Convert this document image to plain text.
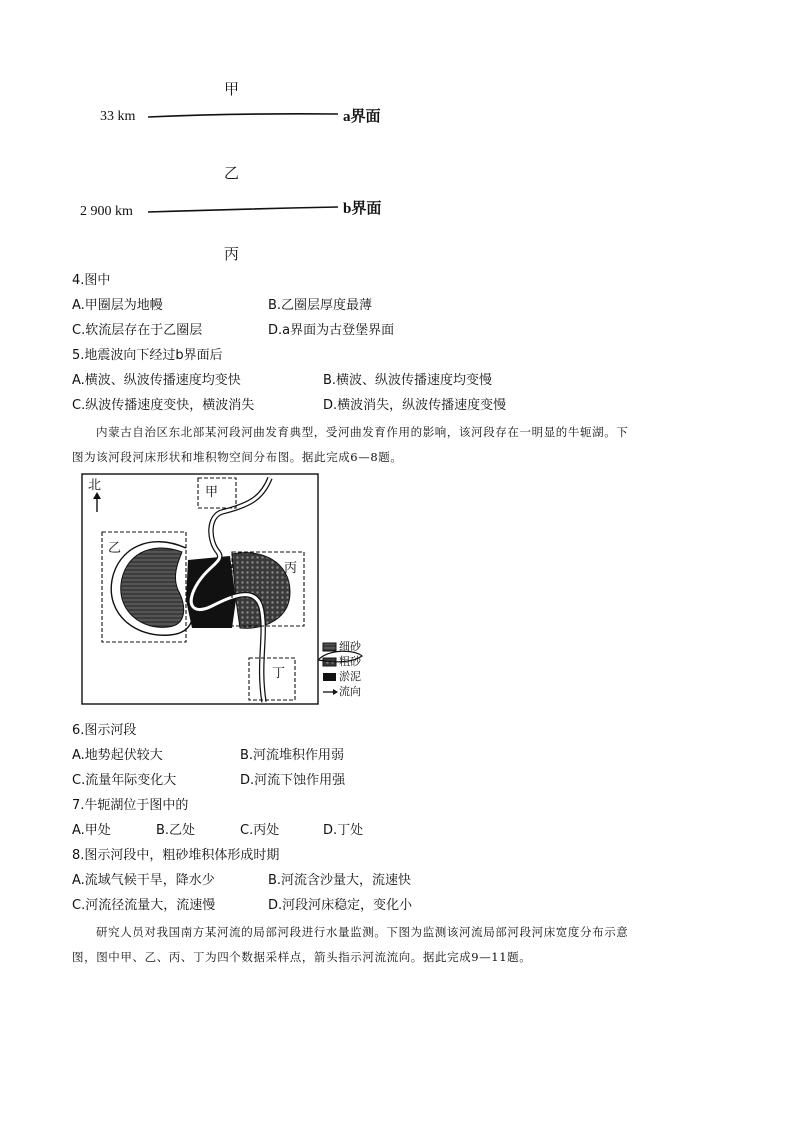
甲
33 km	a界面
乙
2 900 km	b界面
丙
4.图中
A.甲圈层为地幔	B.乙圈层厚度最薄
C.软流层存在于乙圈层	D.a界面为古登堡界面
5.地震波向下经过b界面后
A.横波、纵波传播速度均变快	B.横波、纵波传播速度均变慢
C.纵波传播速度变快，横波消失	D.横波消失，纵波传播速度变慢
内蒙古自治区东北部某河段河曲发育典型，受河曲发育作用的影响，该河段存在一明显的牛轭湖。下
图为该河段河床形状和堆积物空间分布图。据此完成6—8题。
北	甲
乙
丙
丁
细砂
粗砂
淤泥
流向
6.图示河段
A.地势起伏较大	B.河流堆积作用弱
C.流量年际变化大	D.河流下蚀作用强
7.牛轭湖位于图中的
A.甲处	B.乙处	C.丙处	D.丁处
8.图示河段中，粗砂堆积体形成时期
A.流域气候干旱，降水少	B.河流含沙量大，流速快
C.河流径流量大，流速慢	D.河段河床稳定，变化小
研究人员对我国南方某河流的局部河段进行水量监测。下图为监测该河流局部河段河床宽度分布示意
图，图中甲、乙、丙、丁为四个数据采样点，箭头指示河流流向。据此完成9—11题。
